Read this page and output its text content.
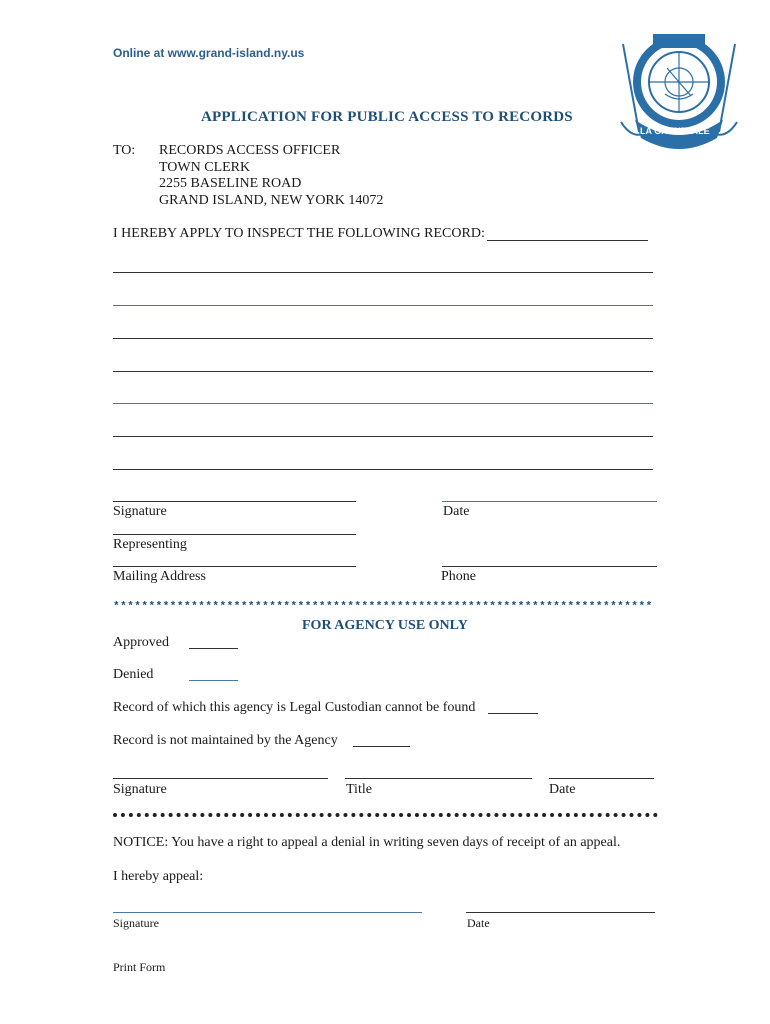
Online at www.grand-island.ny.us
GRAND ISLAND
LA GRANDE ILE
APPLICATION FOR PUBLIC ACCESS TO RECORDS
TO: RECORDS ACCESS OFFICER
TOWN CLERK
2255 BASELINE ROAD
GRAND ISLAND, NEW YORK 14072
I HEREBY APPLY TO INSPECT THE FOLLOWING RECORD:
Signature	Date
Representing
Mailing Address	Phone
****************************************************************************
FOR AGENCY USE ONLY
Approved
Denied
Record of which this agency is Legal Custodian cannot be found
Record is not maintained by the Agency
Signature	Title	Date
NOTICE: You have a right to appeal a denial in writing seven days of receipt of an appeal.
I hereby appeal:
Signature	Date
Print Form
